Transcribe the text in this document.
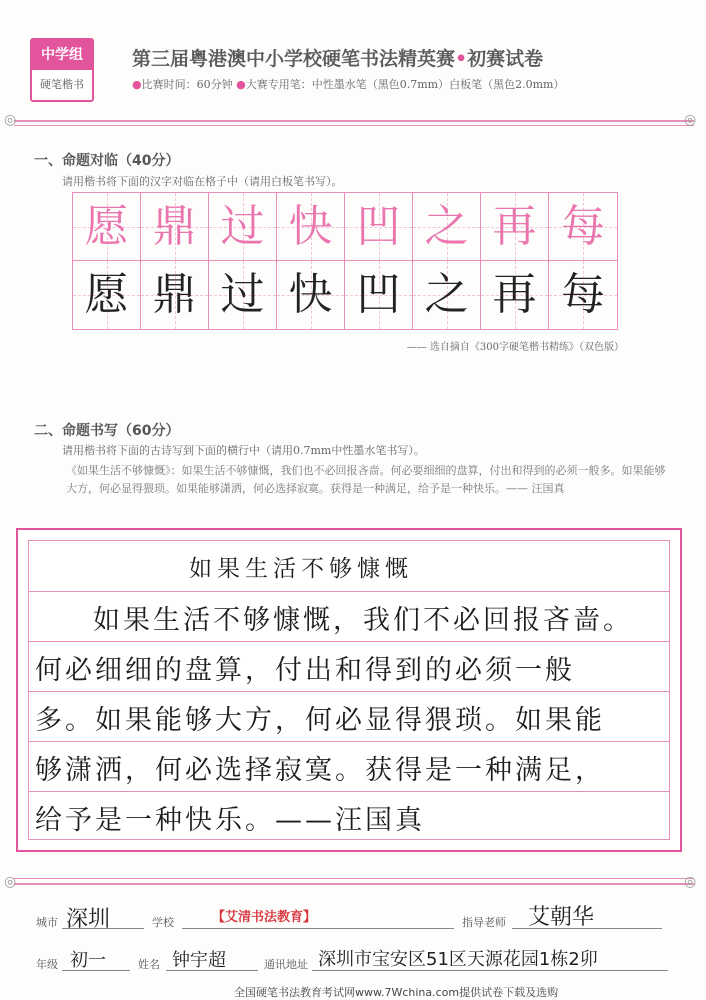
中学组
硬笔楷书
第三届粤港澳中小学校硬笔书法精英赛•初赛试卷
●比赛时间：60分钟 ●大赛专用笔：中性墨水笔（黑色0.7mm）白板笔（黑色2.0mm）
◎	◎
一、命题对临（40分）
请用楷书将下面的汉字对临在格子中（请用白板笔书写）。
愿 鼎 过 快 凹 之 再 每
愿 鼎 过 快 凹 之 再 每
—— 选自摘自《300字硬笔楷书精练》（双色版）
二、命题书写（60分）
请用楷书将下面的古诗写到下面的横行中（请用0.7mm中性墨水笔书写）。
《如果生活不够慷慨》：如果生活不够慷慨，我们也不必回报吝啬。何必要细细的盘算，付出和得到的必须一般多。如果能够大方，何必显得猥琐。如果能够潇洒，何必选择寂寞。获得是一种满足，给予是一种快乐。—— 汪国真
如果生活不够慷慨
如果生活不够慷慨，我们不必回报吝啬。
何必细细的盘算，付出和得到的必须一般
多。如果能够大方，何必显得猥琐。如果能
够潇洒，何必选择寂寞。获得是一种满足，
给予是一种快乐。——汪国真
◎	◎
城市 深圳	学校	【艾清书法教育】	指导老师 艾朝华
年级 初一	姓名 钟宇超	通讯地址 深圳市宝安区51区天源花园1栋2卯
全国硬笔书法教育考试网www.7Wchina.com提供试卷下载及选购
